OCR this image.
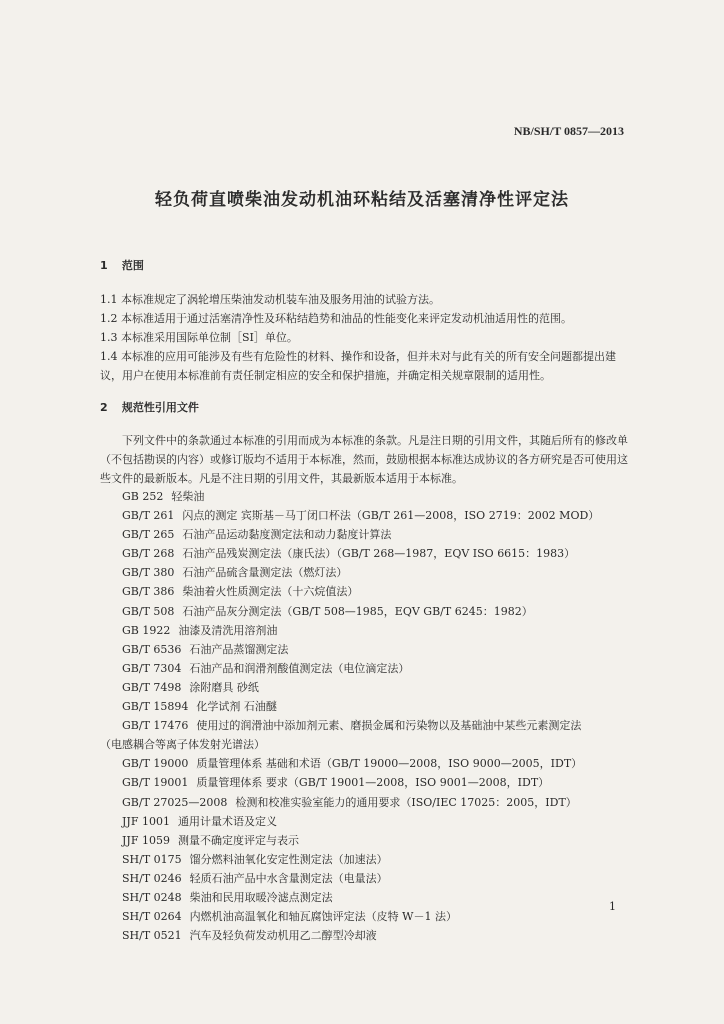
NB/SH/T 0857—2013
轻负荷直喷柴油发动机油环粘结及活塞清净性评定法
1 范围

1.1 本标准规定了涡轮增压柴油发动机装车油及服务用油的试验方法。

1.2 本标准适用于通过活塞清净性及环粘结趋势和油品的性能变化来评定发动机油适用性的范围。

1.3 本标准采用国际单位制［SI］单位。

1.4 本标准的应用可能涉及有些有危险性的材料、操作和设备，但并未对与此有关的所有安全问题都提出建议，用户在使用本标准前有责任制定相应的安全和保护措施，并确定相关规章限制的适用性。

2 规范性引用文件

下列文件中的条款通过本标准的引用而成为本标准的条款。凡是注日期的引用文件，其随后所有的修改单（不包括勘误的内容）或修订版均不适用于本标准，然而，鼓励根据本标准达成协议的各方研究是否可使用这些文件的最新版本。凡是不注日期的引用文件，其最新版本适用于本标准。

GB 252 轻柴油
GB/T 261 闪点的测定 宾斯基－马丁闭口杯法（GB/T 261—2008，ISO 2719：2002 MOD）
GB/T 265 石油产品运动黏度测定法和动力黏度计算法
GB/T 268 石油产品残炭测定法（康氏法）（GB/T 268—1987，EQV ISO 6615：1983）
GB/T 380 石油产品硫含量测定法（燃灯法）
GB/T 386 柴油着火性质测定法（十六烷值法）
GB/T 508 石油产品灰分测定法（GB/T 508—1985，EQV GB/T 6245：1982）
GB 1922 油漆及清洗用溶剂油
GB/T 6536 石油产品蒸馏测定法
GB/T 7304 石油产品和润滑剂酸值测定法（电位滴定法）
GB/T 7498 涂附磨具 砂纸
GB/T 15894 化学试剂 石油醚
GB/T 17476 使用过的润滑油中添加剂元素、磨损金属和污染物以及基础油中某些元素测定法
（电感耦合等离子体发射光谱法）
GB/T 19000 质量管理体系 基础和术语（GB/T 19000—2008，ISO 9000—2005，IDT）
GB/T 19001 质量管理体系 要求（GB/T 19001—2008，ISO 9001—2008，IDT）
GB/T 27025—2008 检测和校准实验室能力的通用要求（ISO/IEC 17025：2005，IDT）
JJF 1001 通用计量术语及定义
JJF 1059 测量不确定度评定与表示
SH/T 0175 馏分燃料油氧化安定性测定法（加速法）
SH/T 0246 轻质石油产品中水含量测定法（电量法）
SH/T 0248 柴油和民用取暖冷滤点测定法
SH/T 0264 内燃机油高温氧化和轴瓦腐蚀评定法（皮特 W－1 法）
SH/T 0521 汽车及轻负荷发动机用乙二醇型冷却液
1
